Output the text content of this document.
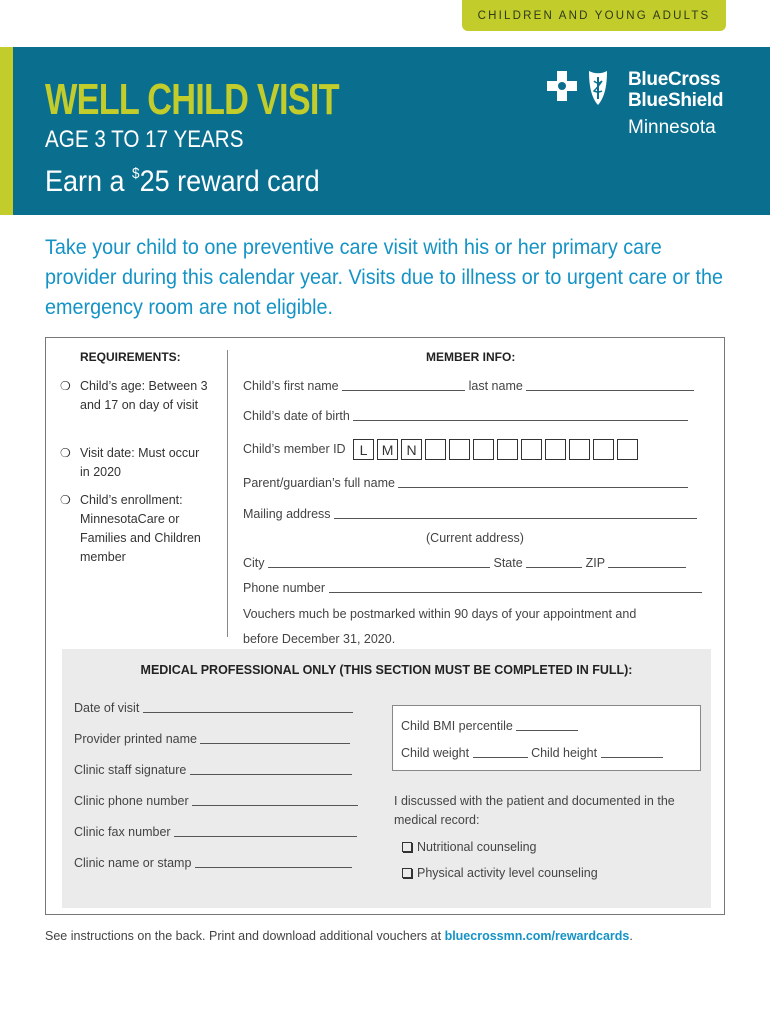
CHILDREN AND YOUNG ADULTS
WELL CHILD VISIT
AGE 3 TO 17 YEARS
Earn a $25 reward card
BlueCross
BlueShield
Minnesota
Take your child to one preventive care visit with his or her primary care provider during this calendar year. Visits due to illness or to urgent care or the emergency room are not eligible.
REQUIREMENTS:	MEMBER INFO:
❍ Child’s age: Between 3 and 17 on day of visit
❍ Visit date: Must occur in 2020
❍ Child’s enrollment: MinnesotaCare or Families and Children member
Child’s first name	last name
Child’s date of birth
Child’s member ID	L	M N
Parent/guardian’s full name
Mailing address
(Current address)
City	State	ZIP
Phone number
Vouchers much be postmarked within 90 days of your appointment and
before December 31, 2020.
MEDICAL PROFESSIONAL ONLY (THIS SECTION MUST BE COMPLETED IN FULL):
Date of visit
Provider printed name
Clinic staff signature
Clinic phone number
Clinic fax number
Clinic name or stamp
Child BMI percentile
Child weight	Child height
I discussed with the patient and documented in the medical record:
Nutritional counseling
Physical activity level counseling
See instructions on the back. Print and download additional vouchers at bluecrossmn.com/rewardcards.
